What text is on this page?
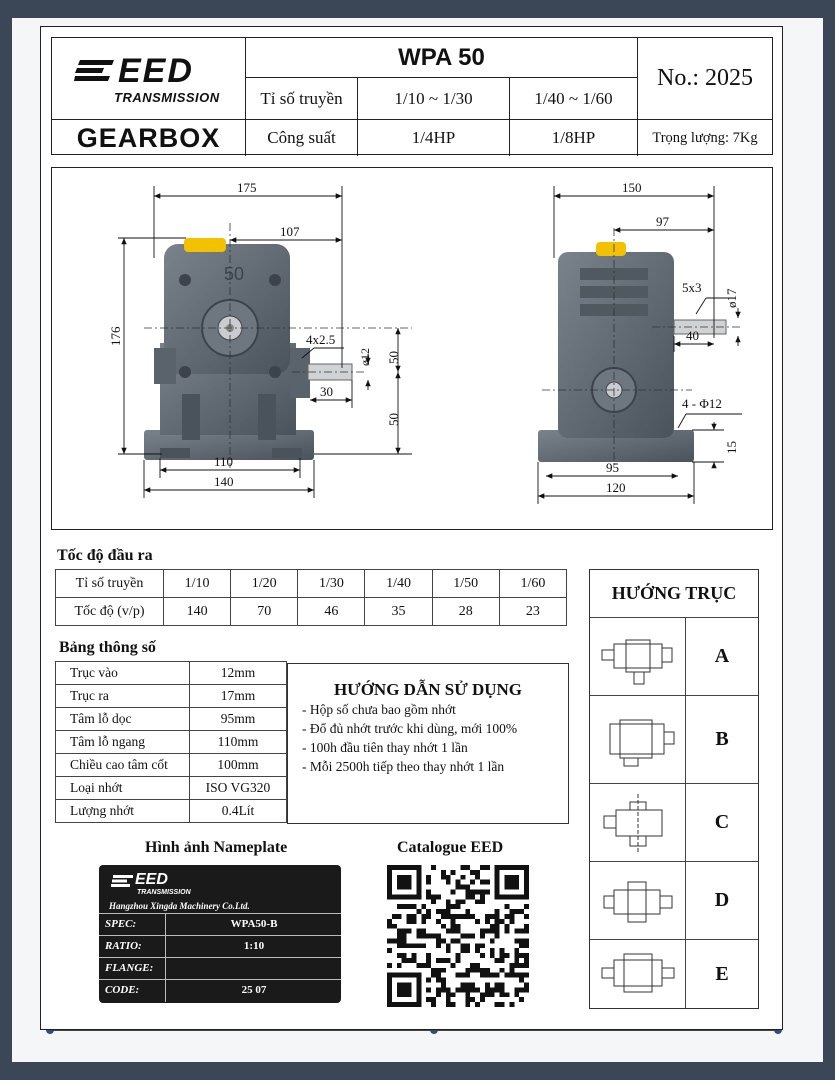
EED
TRANSMISSION
GEARBOX
WPA 50
Tỉ số truyền	1/10 ~ 1/30	1/40 ~ 1/60
Công suất	1/4HP	1/8HP
No.: 2025
Trọng lượng: 7Kg
50
175
107
176	4x2.5
ø12 50
50
30
110
140
150
97
5x3
ø17
40
4 - Φ12
15
95
120
Tốc độ đầu ra
Tỉ số truyền	1/10	1/20	1/30	1/40	1/50	1/60
Tốc độ (v/p)	140	70	46	35	28	23
Bảng thông số
Trục vào	12mm
Trục ra	17mm
Tâm lỗ dọc	95mm
Tâm lỗ ngang	110mm
Chiều cao tâm cốt	100mm
Loại nhớt	ISO VG320
Lượng nhớt	0.4Lít
HƯỚNG DẪN SỬ DỤNG
- Hộp số chưa bao gồm nhớt
- Đổ đủ nhớt trước khi dùng, mới 100%
- 100h đầu tiên thay nhớt 1 lần
- Mỗi 2500h tiếp theo thay nhớt 1 lần
HƯỚNG TRỤC
A
B
C
D
E
Hình ảnh Nameplate
EED
TRANSMISSION
Hangzhou Xingda Machinery Co.Ltd.
SPEC:	WPA50-B
RATIO:	1:10
FLANGE:
CODE:	25 07
Catalogue EED
